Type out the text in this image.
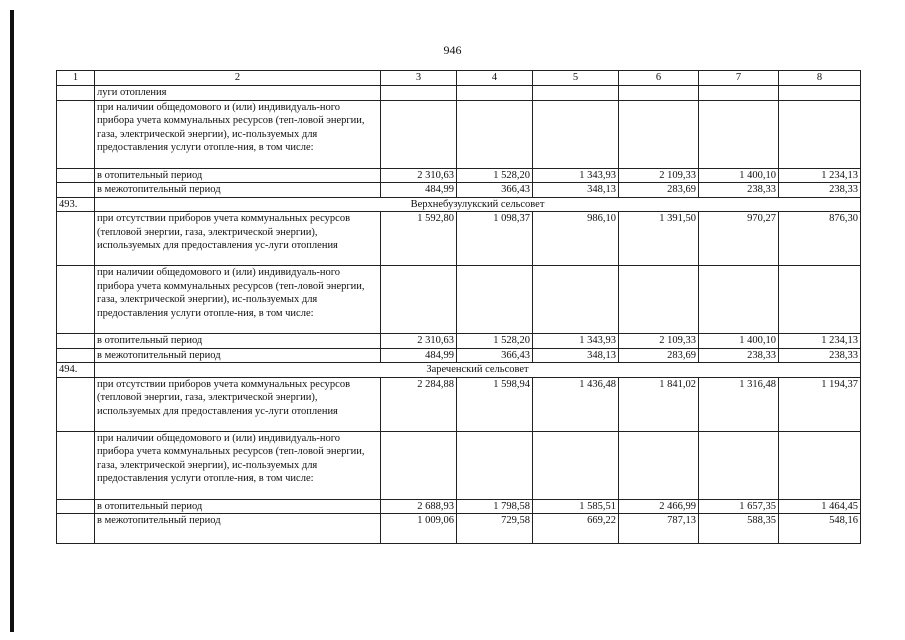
946
1	2	3	4	5	6	7	8
	луги отопления						
	при наличии общедомового и (или) индивидуаль-ного прибора учета коммунальных ресурсов (теп-ловой энергии, газа, электрической энергии), ис-пользуемых для предоставления услуги отопле-ния, в том числе:						
	в отопительный период	2 310,63	1 528,20	1 343,93	2 109,33	1 400,10	1 234,13
	в межотопительный период	484,99	366,43	348,13	283,69	238,33	238,33
493.	Верхнебузулукский сельсовет						
	при отсутствии приборов учета коммунальных ресурсов (тепловой энергии, газа, электрической энергии), используемых для предоставления ус-луги отопления	1 592,80	1 098,37	986,10	1 391,50	970,27	876,30
	при наличии общедомового и (или) индивидуаль-ного прибора учета коммунальных ресурсов (теп-ловой энергии, газа, электрической энергии), ис-пользуемых для предоставления услуги отопле-ния, в том числе:						
	в отопительный период	2 310,63	1 528,20	1 343,93	2 109,33	1 400,10	1 234,13
	в межотопительный период	484,99	366,43	348,13	283,69	238,33	238,33
494.	Зареченский сельсовет						
	при отсутствии приборов учета коммунальных ресурсов (тепловой энергии, газа, электрической энергии), используемых для предоставления ус-луги отопления	2 284,88	1 598,94	1 436,48	1 841,02	1 316,48	1 194,37
	при наличии общедомового и (или) индивидуаль-ного прибора учета коммунальных ресурсов (теп-ловой энергии, газа, электрической энергии), ис-пользуемых для предоставления услуги отопле-ния, в том числе:						
	в отопительный период	2 688,93	1 798,58	1 585,51	2 466,99	1 657,35	1 464,45
	в межотопительный период	1 009,06	729,58	669,22	787,13	588,35	548,16
